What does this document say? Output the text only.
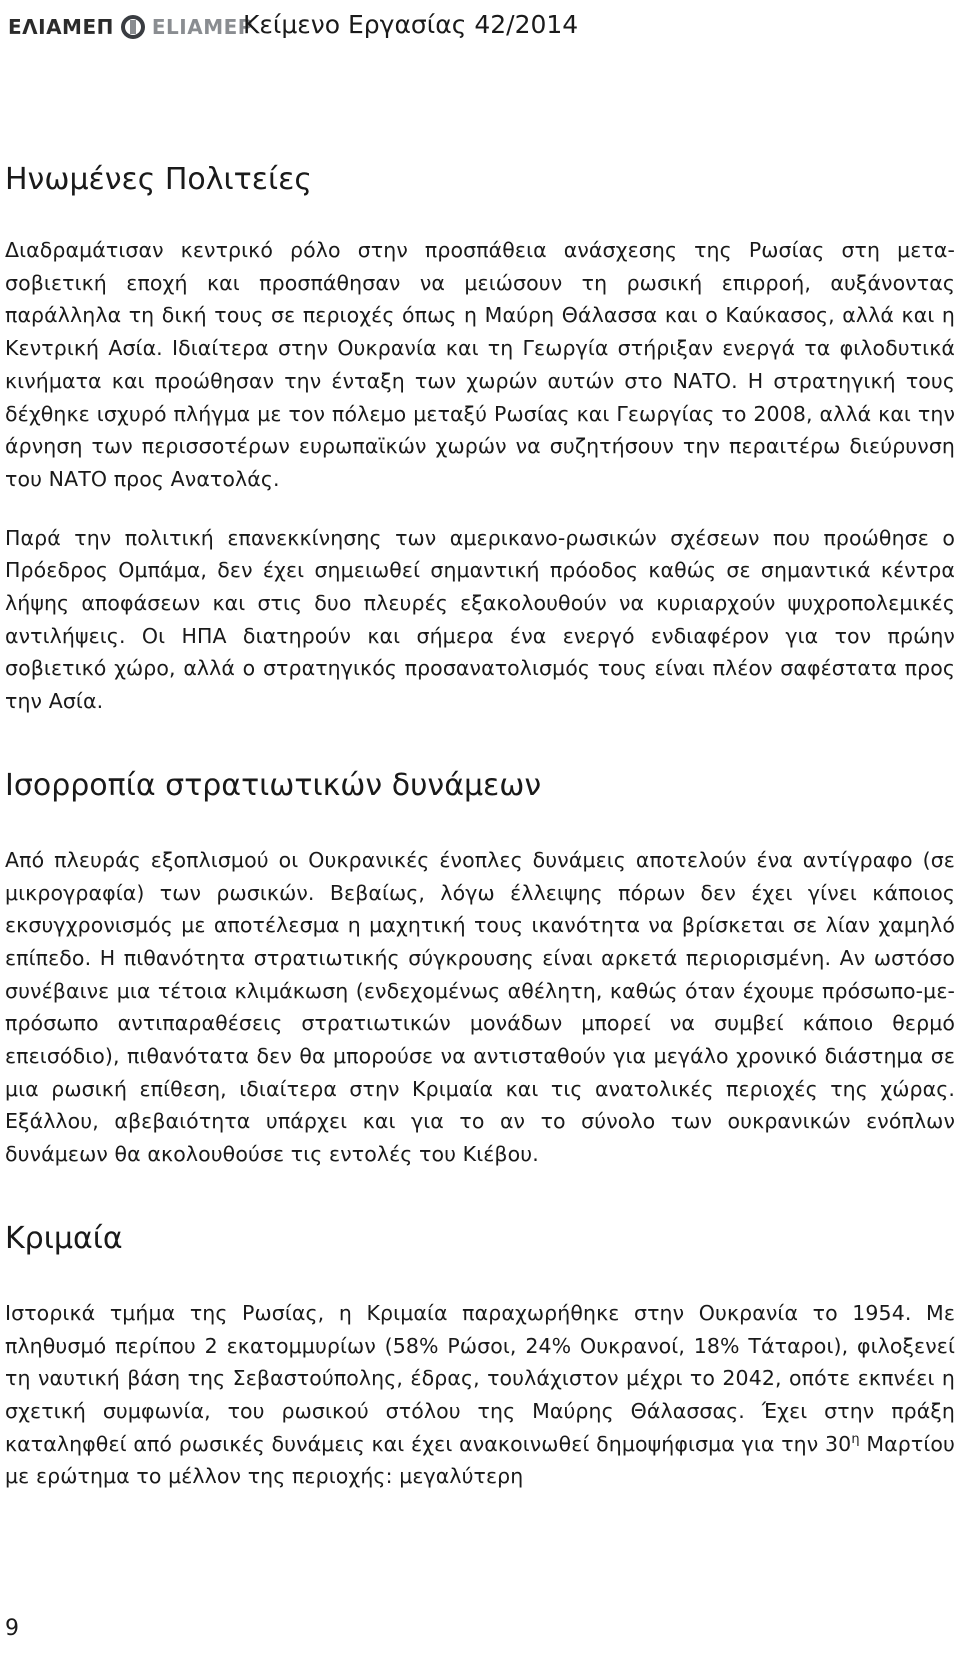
ΕΛΙΑΜΕΠ ELIAMEP
Κείμενο Εργασίας 42/2014
Ηνωμένες Πολιτείες

Διαδραμάτισαν κεντρικό ρόλο στην προσπάθεια ανάσχεσης της Ρωσίας στη μετα-σοβιετική εποχή και προσπάθησαν να μειώσουν τη ρωσική επιρροή, αυξάνοντας παράλληλα τη δική τους σε περιοχές όπως η Μαύρη Θάλασσα και ο Καύκασος, αλλά και η Κεντρική Ασία. Ιδιαίτερα στην Ουκρανία και τη Γεωργία στήριξαν ενεργά τα φιλοδυτικά κινήματα και προώθησαν την ένταξη των χωρών αυτών στο ΝΑΤΟ. Η στρατηγική τους δέχθηκε ισχυρό πλήγμα με τον πόλεμο μεταξύ Ρωσίας και Γεωργίας το 2008, αλλά και την άρνηση των περισσοτέρων ευρωπαϊκών χωρών να συζητήσουν την περαιτέρω διεύρυνση του ΝΑΤΟ προς Ανατολάς.

Παρά την πολιτική επανεκκίνησης των αμερικανο-ρωσικών σχέσεων που προώθησε ο Πρόεδρος Ομπάμα, δεν έχει σημειωθεί σημαντική πρόοδος καθώς σε σημαντικά κέντρα λήψης αποφάσεων και στις δυο πλευρές εξακολουθούν να κυριαρχούν ψυχροπολεμικές αντιλήψεις. Οι ΗΠΑ διατηρούν και σήμερα ένα ενεργό ενδιαφέρον για τον πρώην σοβιετικό χώρο, αλλά ο στρατηγικός προσανατολισμός τους είναι πλέον σαφέστατα προς την Ασία.

Ισορροπία στρατιωτικών δυνάμεων

Από πλευράς εξοπλισμού οι Ουκρανικές ένοπλες δυνάμεις αποτελούν ένα αντίγραφο (σε μικρογραφία) των ρωσικών. Βεβαίως, λόγω έλλειψης πόρων δεν έχει γίνει κάποιος εκσυγχρονισμός με αποτέλεσμα η μαχητική τους ικανότητα να βρίσκεται σε λίαν χαμηλό επίπεδο. Η πιθανότητα στρατιωτικής σύγκρουσης είναι αρκετά περιορισμένη. Αν ωστόσο συνέβαινε μια τέτοια κλιμάκωση (ενδεχομένως αθέλητη, καθώς όταν έχουμε πρόσωπο-με-πρόσωπο αντιπαραθέσεις στρατιωτικών μονάδων μπορεί να συμβεί κάποιο θερμό επεισόδιο), πιθανότατα δεν θα μπορούσε να αντισταθούν για μεγάλο χρονικό διάστημα σε μια ρωσική επίθεση, ιδιαίτερα στην Κριμαία και τις ανατολικές περιοχές της χώρας. Εξάλλου, αβεβαιότητα υπάρχει και για το αν το σύνολο των ουκρανικών ενόπλων δυνάμεων θα ακολουθούσε τις εντολές του Κιέβου.

Κριμαία

Ιστορικά τμήμα της Ρωσίας, η Κριμαία παραχωρήθηκε στην Ουκρανία το 1954. Με πληθυσμό περίπου 2 εκατομμυρίων (58% Ρώσοι, 24% Ουκρανοί, 18% Τάταροι), φιλοξενεί τη ναυτική βάση της Σεβαστούπολης, έδρας, τουλάχιστον μέχρι το 2042, οπότε εκπνέει η σχετική συμφωνία, του ρωσικού στόλου της Μαύρης Θάλασσας. Έχει στην πράξη καταληφθεί από ρωσικές δυνάμεις και έχει ανακοινωθεί δημοψήφισμα για την $30^\eta$ Μαρτίου με ερώτημα το μέλλον της περιοχής: μεγαλύτερη

9
